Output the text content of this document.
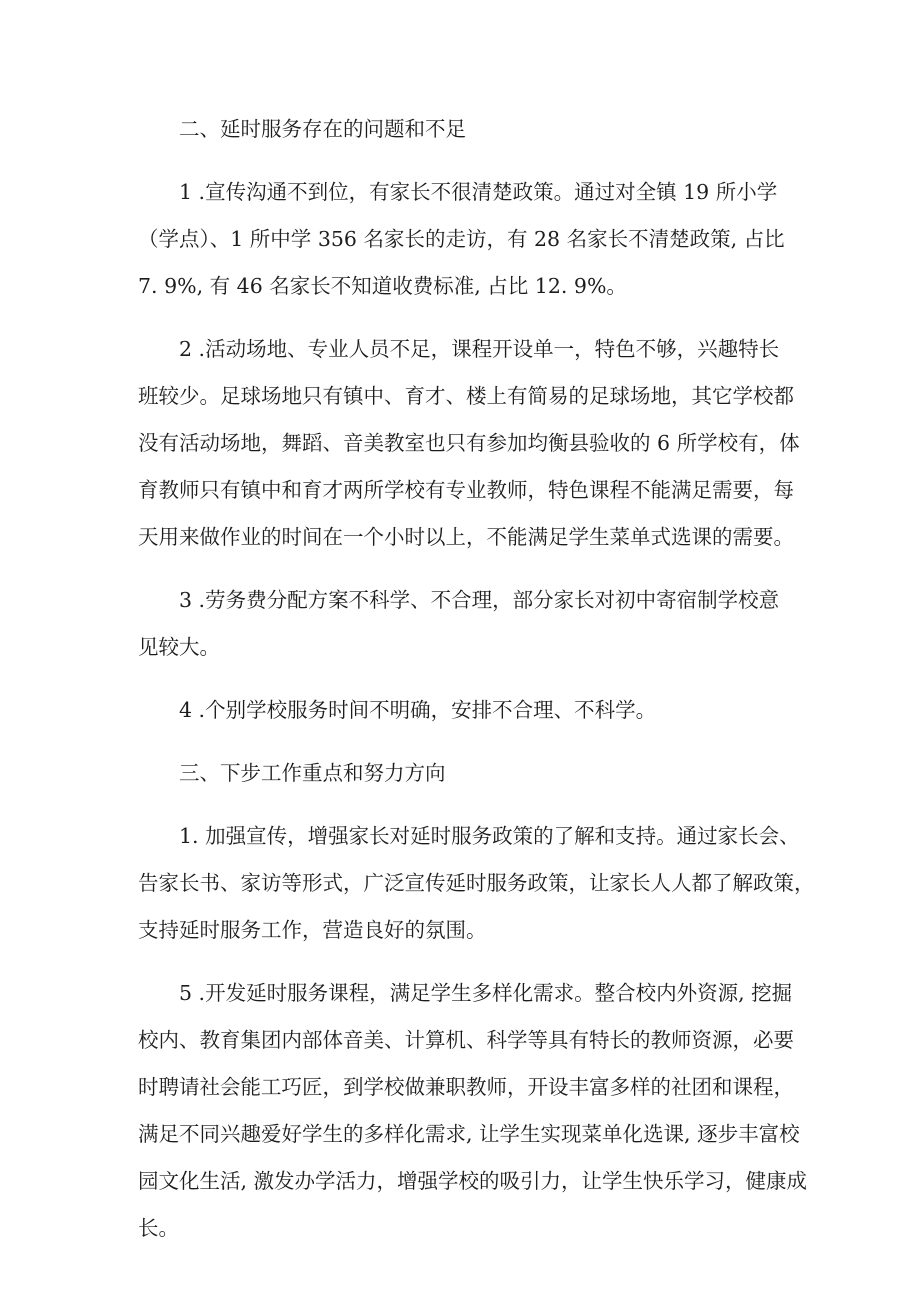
二、延时服务存在的问题和不足
1 .宣传沟通不到位，有家长不很清楚政策。通过对全镇 19 所小学
（学点）、1 所中学 356 名家长的走访，有 28 名家长不清楚政策, 占比
7. 9%, 有 46 名家长不知道收费标准, 占比 12. 9%。
2 .活动场地、专业人员不足，课程开设单一，特色不够，兴趣特长
班较少。足球场地只有镇中、育才、楼上有简易的足球场地，其它学校都
没有活动场地，舞蹈、音美教室也只有参加均衡县验收的 6 所学校有，体
育教师只有镇中和育才两所学校有专业教师，特色课程不能满足需要，每
天用来做作业的时间在一个小时以上，不能满足学生菜单式选课的需要。
3 .劳务费分配方案不科学、不合理，部分家长对初中寄宿制学校意
见较大。
4 .个别学校服务时间不明确，安排不合理、不科学。
三、下步工作重点和努力方向
1. 加强宣传，增强家长对延时服务政策的了解和支持。通过家长会、
告家长书、家访等形式，广泛宣传延时服务政策，让家长人人都了解政策，
支持延时服务工作，营造良好的氛围。
5 .开发延时服务课程，满足学生多样化需求。整合校内外资源, 挖掘
校内、教育集团内部体音美、计算机、科学等具有特长的教师资源，必要
时聘请社会能工巧匠，到学校做兼职教师，开设丰富多样的社团和课程，
满足不同兴趣爱好学生的多样化需求, 让学生实现菜单化选课, 逐步丰富校
园文化生活, 激发办学活力，增强学校的吸引力，让学生快乐学习，健康成
长。
